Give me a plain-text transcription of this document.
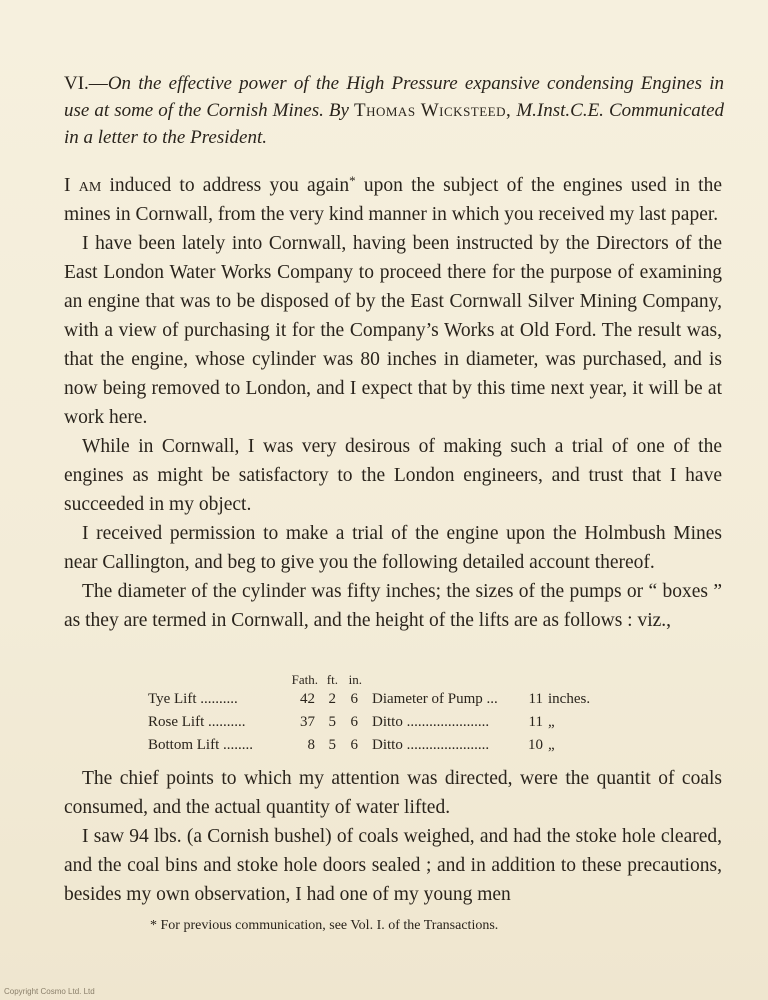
VI.—On the effective power of the High Pressure expansive condensing Engines in use at some of the Cornish Mines. By Thomas Wicksteed, M.Inst.C.E. Communicated in a letter to the President.

I am induced to address you again* upon the subject of the engines used in the mines in Cornwall, from the very kind manner in which you received my last paper.

I have been lately into Cornwall, having been instructed by the Directors of the East London Water Works Company to proceed there for the purpose of examining an engine that was to be disposed of by the East Cornwall Silver Mining Company, with a view of purchasing it for the Company’s Works at Old Ford. The result was, that the engine, whose cylinder was 80 inches in diameter, was purchased, and is now being removed to London, and I expect that by this time next year, it will be at work here.

While in Cornwall, I was very desirous of making such a trial of one of the engines as might be satisfactory to the London engineers, and trust that I have succeeded in my object.

I received permission to make a trial of the engine upon the Holmbush Mines near Callington, and beg to give you the following detailed account thereof.

The diameter of the cylinder was fifty inches; the sizes of the pumps or “ boxes ” as they are termed in Cornwall, and the height of the lifts are as follows : viz.,

Fath. ft. in.
Tye Lift ..........	42 2 6 Diameter of Pump ...	11 inches.
Rose Lift ..........	37 5 6 Ditto ......................	11 „
Bottom Lift ........	8 5 6 Ditto ......................	10 „

The chief points to which my attention was directed, were the quantit of coals consumed, and the actual quantity of water lifted.

I saw 94 lbs. (a Cornish bushel) of coals weighed, and had the stoke hole cleared, and the coal bins and stoke hole doors sealed ; and in addition to these precautions, besides my own observation, I had one of my young men

* For previous communication, see Vol. I. of the Transactions.
Copyright Cosmo Ltd. Ltd
